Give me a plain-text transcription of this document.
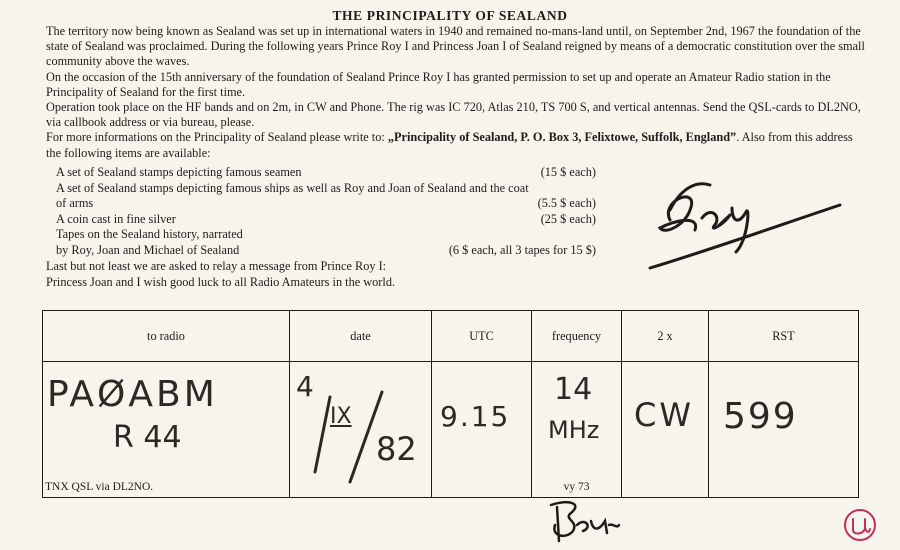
THE PRINCIPALITY OF SEALAND

The territory now being known as Sealand was set up in international waters in 1940 and remained no-mans-land until, on September 2nd, 1967 the foundation of the state of Sealand was proclaimed. During the following years Prince Roy I and Princess Joan I of Sealand reigned by means of a democratic constitution over the small community above the waves.

On the occasion of the 15th anniversary of the foundation of Sealand Prince Roy I has granted permission to set up and operate an Amateur Radio station in the Principality of Sealand for the first time.

Operation took place on the HF bands and on 2m, in CW and Phone. The rig was IC 720, Atlas 210, TS 700 S, and vertical antennas. Send the QSL-cards to DL2NO, via callbook address or via bureau, please.

For more informations on the Principality of Sealand please write to: „Principality of Sealand, P. O. Box 3, Felixtowe, Suffolk, England”. Also from this address the following items are available:

A set of Sealand stamps depicting famous seamen	(15 $ each)
A set of Sealand stamps depicting famous ships as well as Roy and Joan of Sealand and the coat
of arms	(5.5 $ each)
A coin cast in fine silver	(25 $ each)
Tapes on the Sealand history, narrated
by Roy, Joan and Michael of Sealand	(6 $ each, all 3 tapes for 15 $)

Last but not least we are asked to relay a message from Prince Roy I:

Princess Joan and I wish good luck to all Radio Amateurs in the world.

to radio	date	UTC	frequency	2 x	RST

PAØABM
R 44
TNX QSL via DL2NO.	4
IX
82	9.15	14
MHz
vy 73	CW	599
